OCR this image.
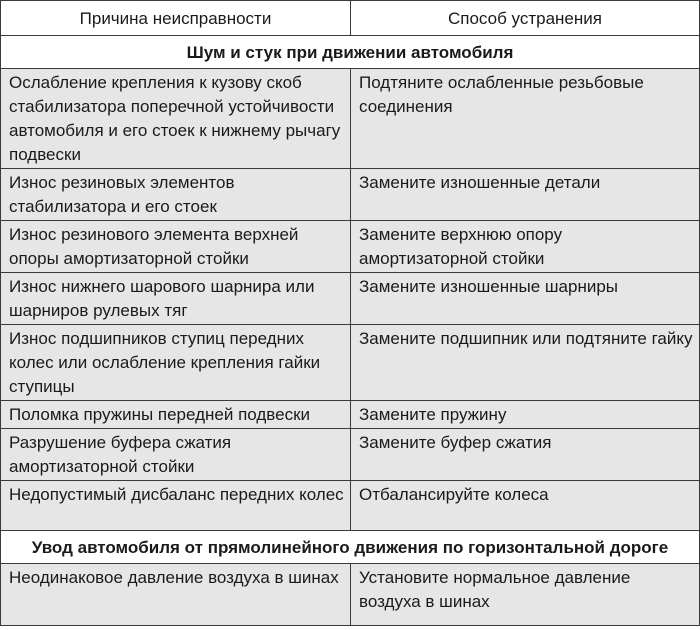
Причина неисправности	Способ устранения
Шум и стук при движении автомобиля	
Ослабление крепления к кузову скоб стабилизатора поперечной устойчивости автомобиля и его стоек к нижнему рычагу подвески	Подтяните ослабленные резьбовые соединения
Износ резиновых элементов стабилизатора и его стоек	Замените изношенные детали
Износ резинового элемента верхней опоры амортизаторной стойки	Замените верхнюю опору амортизаторной стойки
Износ нижнего шарового шарнира или шарниров рулевых тяг	Замените изношенные шарниры
Износ подшипников ступиц передних колес или ослабление крепления гайки ступицы	Замените подшипник или подтяните гайку
Поломка пружины передней подвески	Замените пружину
Разрушение буфера сжатия амортизаторной стойки	Замените буфер сжатия
Недопустимый дисбаланс передних колес	Отбалансируйте колеса
Увод автомобиля от прямолинейного движения по горизонтальной дороге	
Неодинаковое давление воздуха в шинах	Установите нормальное давление воздуха в шинах
